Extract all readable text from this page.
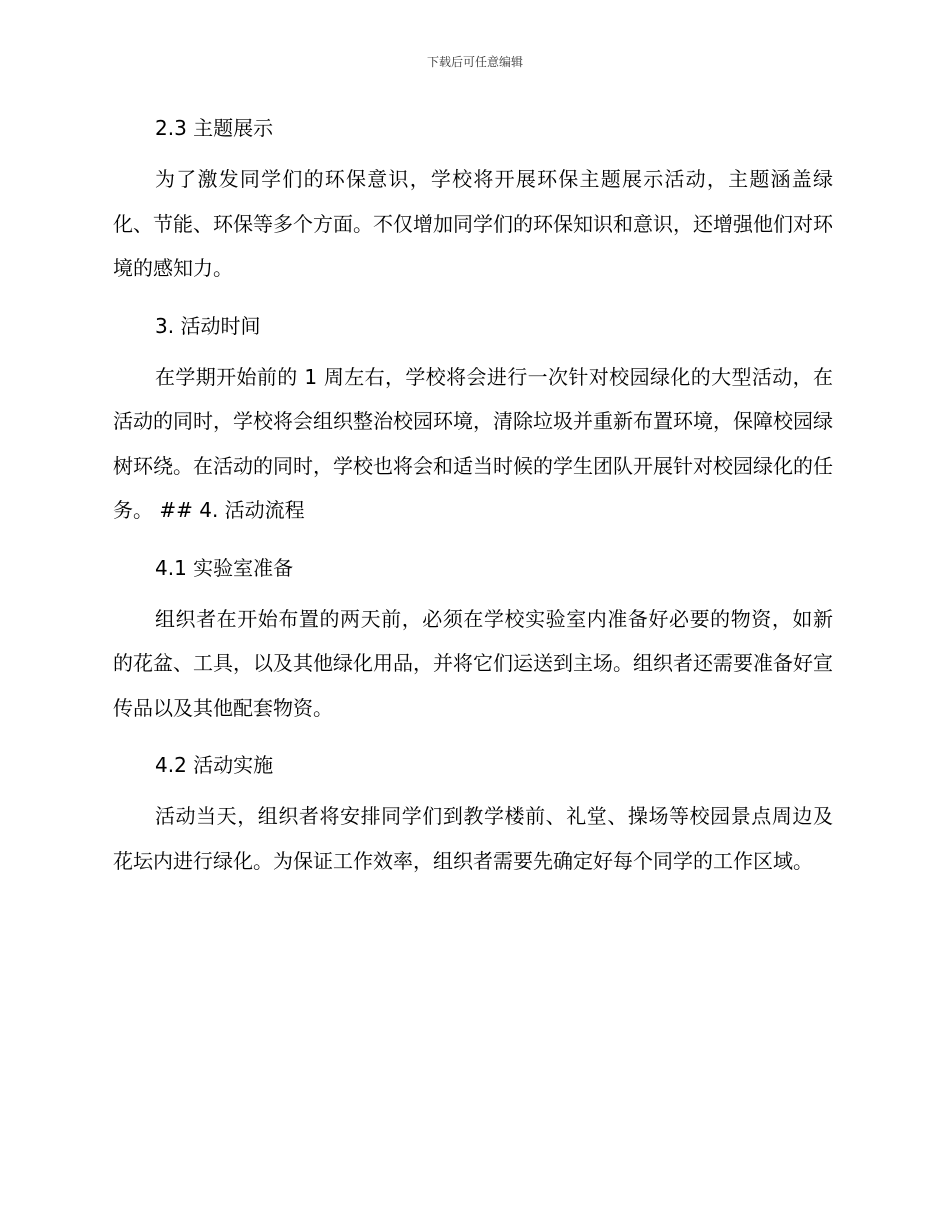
下载后可任意编辑
2.3 主题展示

为了激发同学们的环保意识，学校将开展环保主题展示活动，主题涵盖绿化、节能、环保等多个方面。不仅增加同学们的环保知识和意识，还增强他们对环境的感知力。

3. 活动时间

在学期开始前的 1 周左右，学校将会进行一次针对校园绿化的大型活动，在活动的同时，学校将会组织整治校园环境，清除垃圾并重新布置环境，保障校园绿树环绕。在活动的同时，学校也将会和适当时候的学生团队开展针对校园绿化的任务。 ## 4. 活动流程

4.1 实验室准备

组织者在开始布置的两天前，必须在学校实验室内准备好必要的物资，如新的花盆、工具，以及其他绿化用品，并将它们运送到主场。组织者还需要准备好宣传品以及其他配套物资。

4.2 活动实施

活动当天，组织者将安排同学们到教学楼前、礼堂、操场等校园景点周边及花坛内进行绿化。为保证工作效率，组织者需要先确定好每个同学的工作区域。
